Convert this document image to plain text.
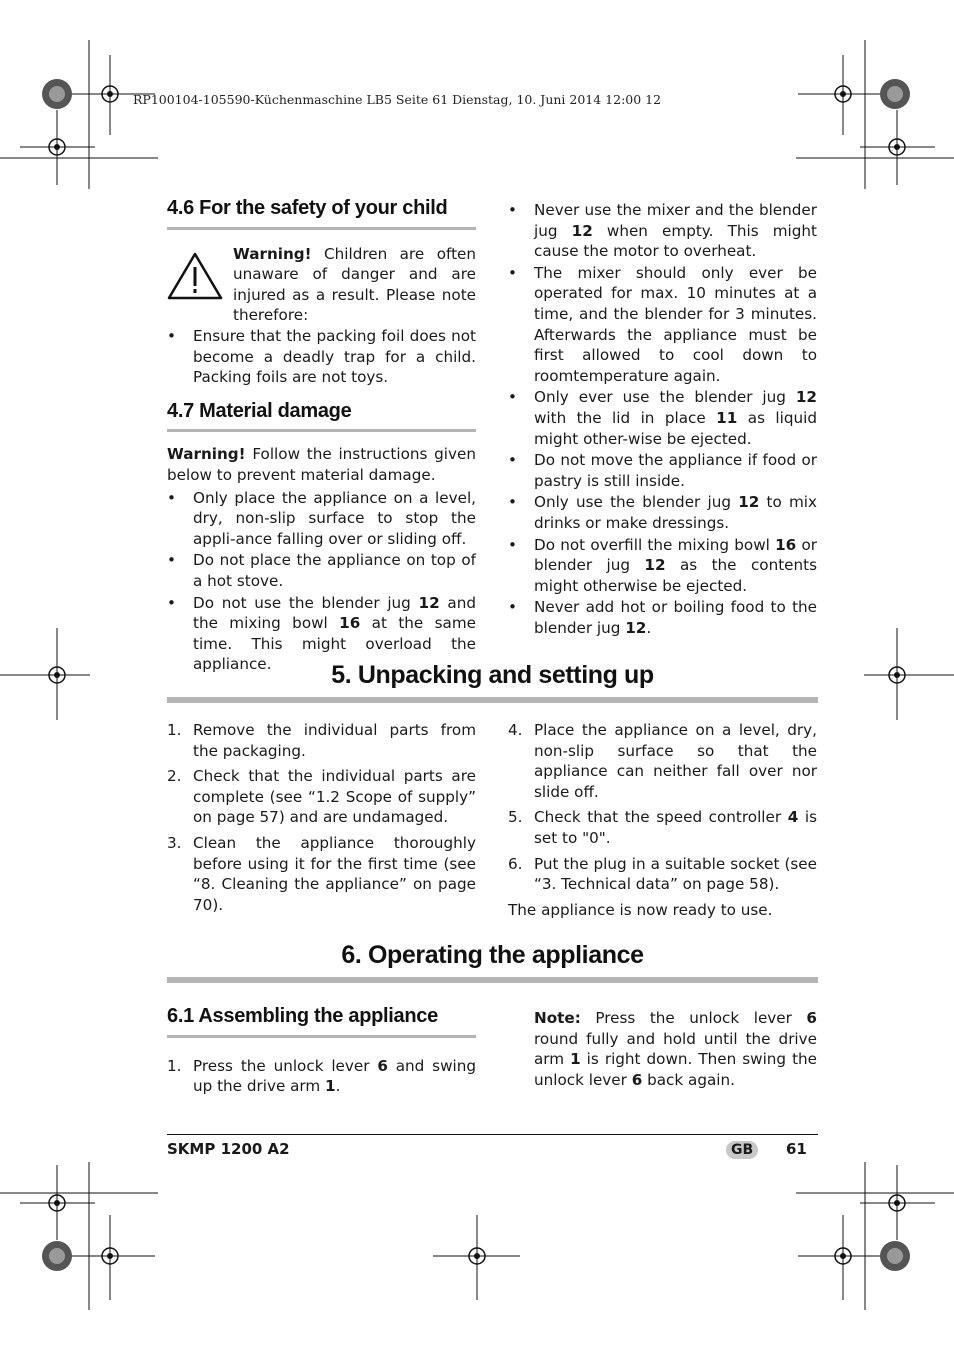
RP100104-105590-Küchenmaschine LB5 Seite 61 Dienstag, 10. Juni 2014 12:00 12
4.6 For the safety of your child

Warning! Children are often unaware of danger and are injured as a result. Please note therefore:

•	Ensure that the packing foil does not become a deadly trap for a child. Packing foils are not toys.
4.7 Material damage

Warning! Follow the instructions given below to prevent material damage.

•	Only place the appliance on a level, dry, non-slip surface to stop the appli-ance falling over or sliding off.
•	Do not place the appliance on top of a hot stove.
•	Do not use the blender jug 12 and the mixing bowl 16 at the same time. This might overload the appliance.
•	Never use the mixer and the blender jug 12 when empty. This might cause the motor to overheat.
•	The mixer should only ever be operated for max. 10 minutes at a time, and the blender for 3 minutes. Afterwards the appliance must be first allowed to cool down to roomtemperature again.
•	Only ever use the blender jug 12 with the lid in place 11 as liquid might other-wise be ejected.
•	Do not move the appliance if food or pastry is still inside.
•	Only use the blender jug 12 to mix drinks or make dressings.
•	Do not overfill the mixing bowl 16 or blender jug 12 as the contents might otherwise be ejected.
•	Never add hot or boiling food to the blender jug 12.
5. Unpacking and setting up
1. Remove the individual parts from the packaging.
2. Check that the individual parts are complete (see “1.2 Scope of supply” on page 57) and are undamaged.
3. Clean the appliance thoroughly before using it for the first time (see “8. Cleaning the appliance” on page 70).
4. Place the appliance on a level, dry, non-slip surface so that the appliance can neither fall over nor slide off.
5. Check that the speed controller 4 is set to "0".
6. Put the plug in a suitable socket (see “3. Technical data” on page 58).

The appliance is now ready to use.

6. Operating the appliance
6.1 Assembling the appliance
1. Press the unlock lever 6 and swing up the drive arm 1.

Note: Press the unlock lever 6 round fully and hold until the drive arm 1 is right down. Then swing the unlock lever 6 back again.

SKMP 1200 A2	GB	61
